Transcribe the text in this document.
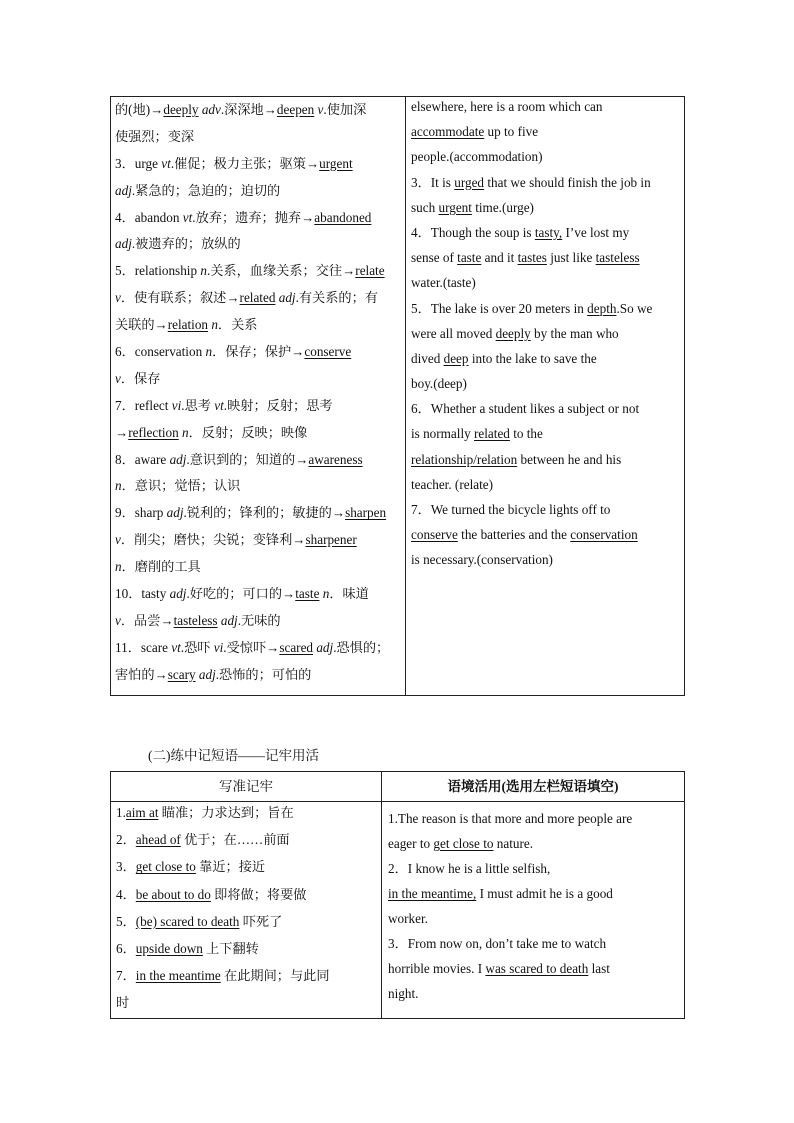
的(地)→deeply adv.深深地→deepen v.使加深
使强烈；变深
3．urge vt.催促；极力主张；驱策→urgent
adj.紧急的；急迫的；迫切的
4．abandon vt.放弃；遗弃；抛弃→abandoned
adj.被遗弃的；放纵的
5．relationship n.关系，血缘关系；交往→relate
v．使有联系；叙述→related adj.有关系的；有
关联的→relation n．关系
6．conservation n．保存；保护→conserve
v．保存
7．reflect vi.思考 vt.映射；反射；思考
→reflection n．反射；反映；映像
8．aware adj.意识到的；知道的→awareness
n．意识；觉悟；认识
9．sharp adj.锐利的；锋利的；敏捷的→sharpen
v．削尖；磨快；尖锐；变锋利→sharpener
n．磨削的工具
10．tasty adj.好吃的；可口的→taste n．味道
v．品尝→tasteless adj.无味的
11．scare vt.恐吓 vi.受惊吓→scared adj.恐惧的；
害怕的→scary adj.恐怖的；可怕的
elsewhere, here is a room which can
accommodate up to five
people.(accommodation)
3．It is urged that we should finish the job in
such urgent time.(urge)
4．Though the soup is tasty, I’ve lost my
sense of taste and it tastes just like tasteless
water.(taste)
5．The lake is over 20 meters in depth.So we
were all moved deeply by the man who
dived deep into the lake to save the
boy.(deep)
6．Whether a student likes a subject or not
is normally related to the
relationship/relation between he and his
teacher. (relate)
7．We turned the bicycle lights off to
conserve the batteries and the conservation
is necessary.(conservation)
(二)练中记短语——记牢用活
写准记牢	语境活用(选用左栏短语填空)
1.aim at 瞄准；力求达到；旨在
2．ahead of 优于；在……前面
3．get close to 靠近；接近
4．be about to do 即将做；将要做
5．(be) scared to death 吓死了
6．upside down 上下翻转
7．in the meantime 在此期间；与此同
时
1.The reason is that more and more people are
eager to get close to nature.
2．I know he is a little selfish,
in the meantime, I must admit he is a good
worker.
3．From now on, don’t take me to watch
horrible movies. I was scared to death last
night.
